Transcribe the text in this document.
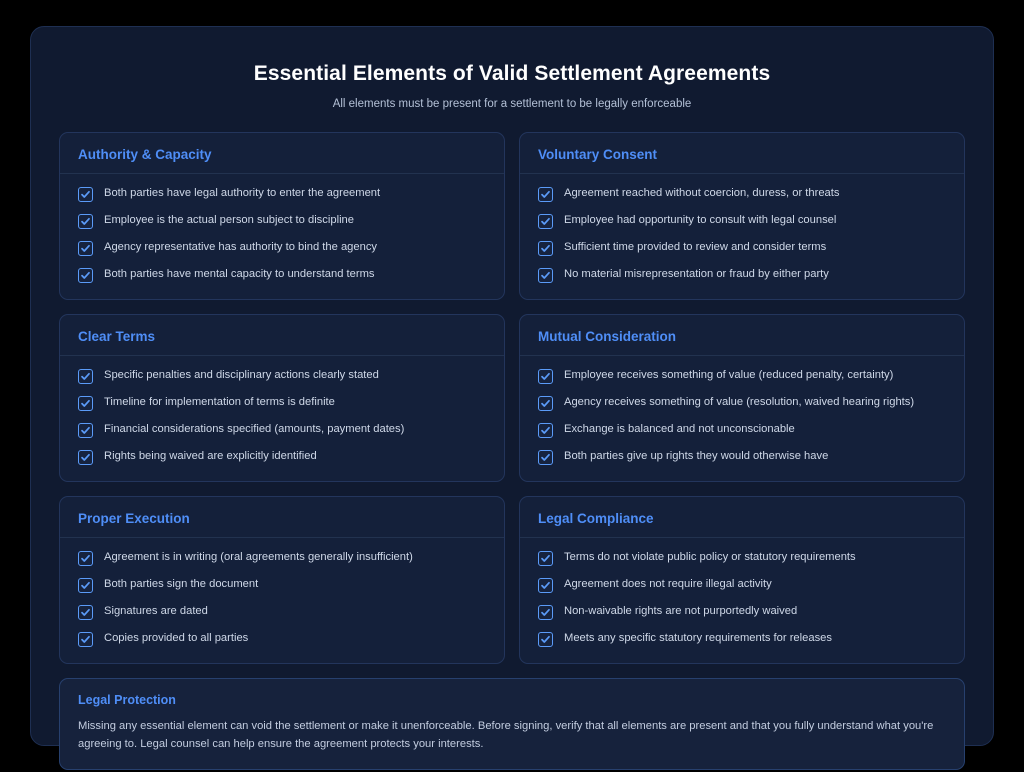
Essential Elements of Valid Settlement Agreements

All elements must be present for a settlement to be legally enforceable

Authority & Capacity
Both parties have legal authority to enter the agreement
Employee is the actual person subject to discipline
Agency representative has authority to bind the agency
Both parties have mental capacity to understand terms
Voluntary Consent
Agreement reached without coercion, duress, or threats
Employee had opportunity to consult with legal counsel
Sufficient time provided to review and consider terms
No material misrepresentation or fraud by either party
Clear Terms
Specific penalties and disciplinary actions clearly stated
Timeline for implementation of terms is definite
Financial considerations specified (amounts, payment dates)
Rights being waived are explicitly identified
Mutual Consideration
Employee receives something of value (reduced penalty, certainty)
Agency receives something of value (resolution, waived hearing rights)
Exchange is balanced and not unconscionable
Both parties give up rights they would otherwise have
Proper Execution
Agreement is in writing (oral agreements generally insufficient)
Both parties sign the document
Signatures are dated
Copies provided to all parties
Legal Compliance
Terms do not violate public policy or statutory requirements
Agreement does not require illegal activity
Non-waivable rights are not purportedly waived
Meets any specific statutory requirements for releases
Legal Protection
Missing any essential element can void the settlement or make it unenforceable. Before signing, verify that all elements are present and that you fully understand what you're agreeing to. Legal counsel can help ensure the agreement protects your interests.
